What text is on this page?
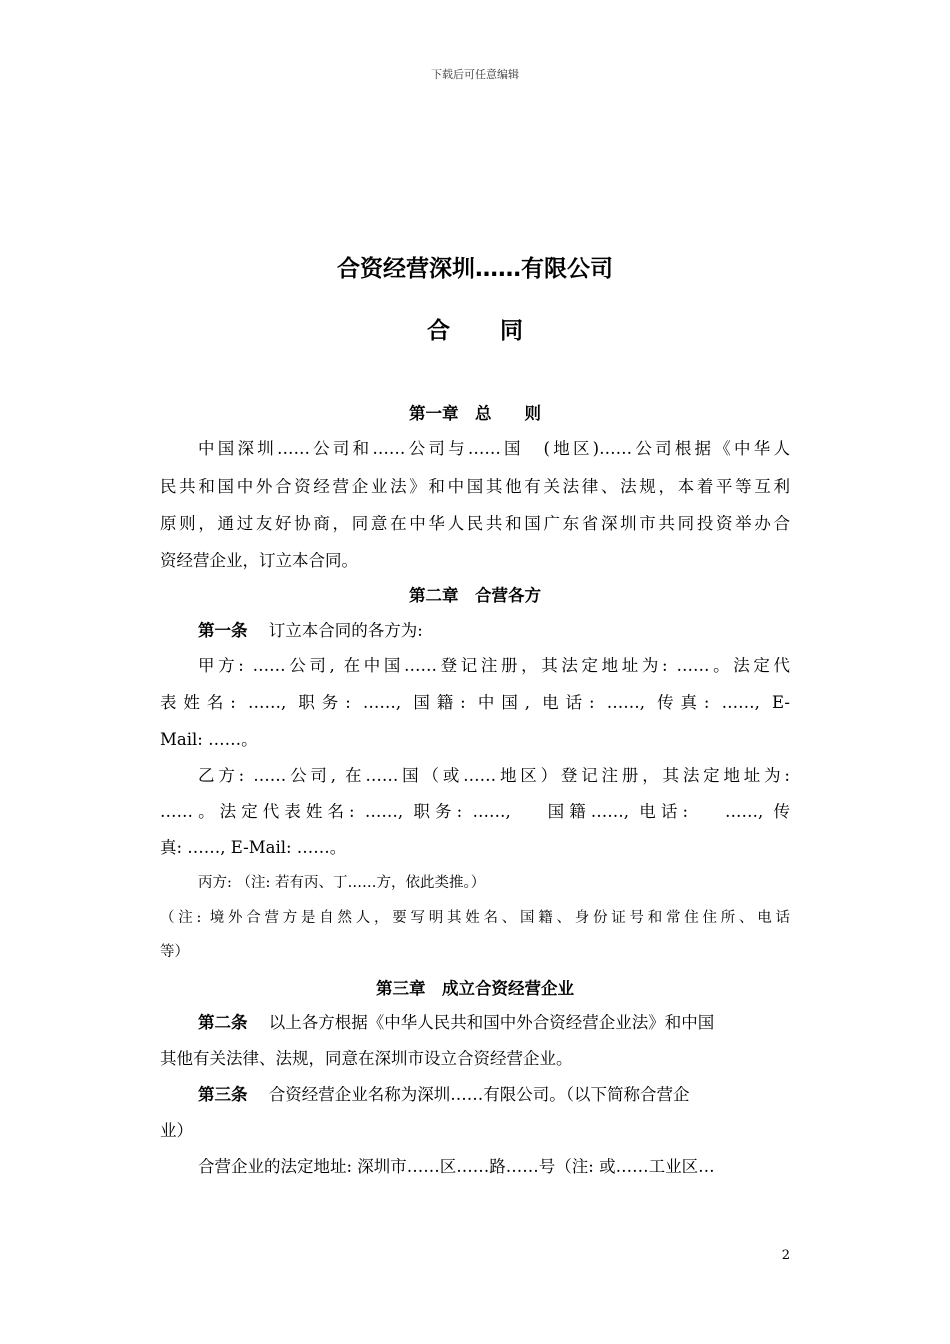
下载后可任意编辑
合资经营深圳……有限公司
合同
第一章　总　　则
中国深圳……公司和……公司与……国　(地区)……公司根据《中华人
民共和国中外合资经营企业法》和中国其他有关法律、法规，本着平等互利
原则，通过友好协商，同意在中华人民共和国广东省深圳市共同投资举办合
资经营企业，订立本合同。
第二章　合营各方
第一条 订立本合同的各方为:
甲方: ……公司, 在中国……登记注册，其法定地址为: ……。法定代
表姓名: ……, 职务: ……, 国籍: 中国, 电话: ……, 传真: ……, E-
Mail: ……。
乙方: ……公司, 在……国（或……地区）登记注册，其法定地址为:
……。法定代表姓名: ……, 职务: ……,　 国籍……, 电话:　 ……, 传
真: ……, E-Mail: ……。
丙方: （注: 若有丙、丁……方，依此类推。）
（注: 境外合营方是自然人，要写明其姓名、国籍、身份证号和常住住所、电话
等）
第三章　成立合资经营企业
第二条 以上各方根据《中华人民共和国中外合资经营企业法》和中国
其他有关法律、法规，同意在深圳市设立合资经营企业。
第三条 合资经营企业名称为深圳……有限公司。（以下简称合营企
业）
合营企业的法定地址: 深圳市……区……路……号（注: 或……工业区…
2
